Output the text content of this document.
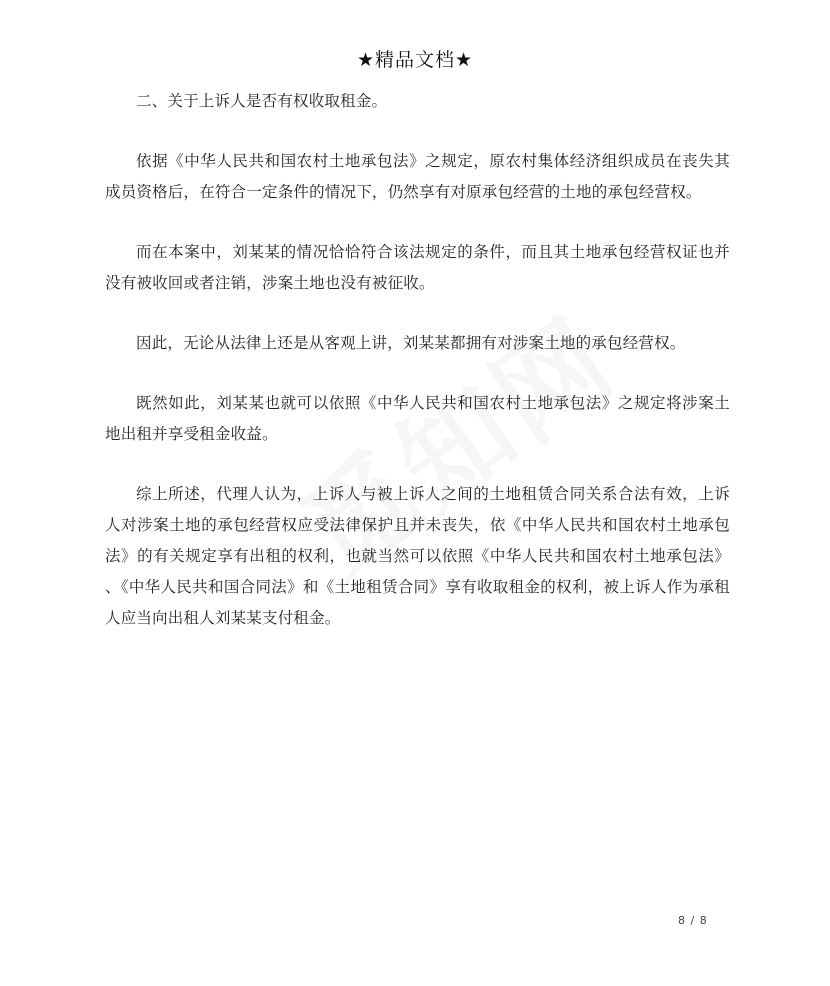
★精品文档★

二、关于上诉人是否有权收取租金。

依据《中华人民共和国农村土地承包法》之规定，原农村集体经济组织成员在丧失其成员资格后，在符合一定条件的情况下，仍然享有对原承包经营的土地的承包经营权。

而在本案中，刘某某的情况恰恰符合该法规定的条件，而且其土地承包经营权证也并没有被收回或者注销，涉案土地也没有被征收。

因此，无论从法律上还是从客观上讲，刘某某都拥有对涉案土地的承包经营权。

既然如此，刘某某也就可以依照《中华人民共和国农村土地承包法》之规定将涉案土地出租并享受租金收益。

综上所述，代理人认为，上诉人与被上诉人之间的土地租赁合同关系合法有效，上诉人对涉案土地的承包经营权应受法律保护且并未丧失，依《中华人民共和国农村土地承包法》的有关规定享有出租的权利，也就当然可以依照《中华人民共和国农村土地承包法》 、《中华人民共和国合同法》和《土地租赁合同》享有收取租金的权利，被上诉人作为承租人应当向出租人刘某某支付租金。

8 / 8
